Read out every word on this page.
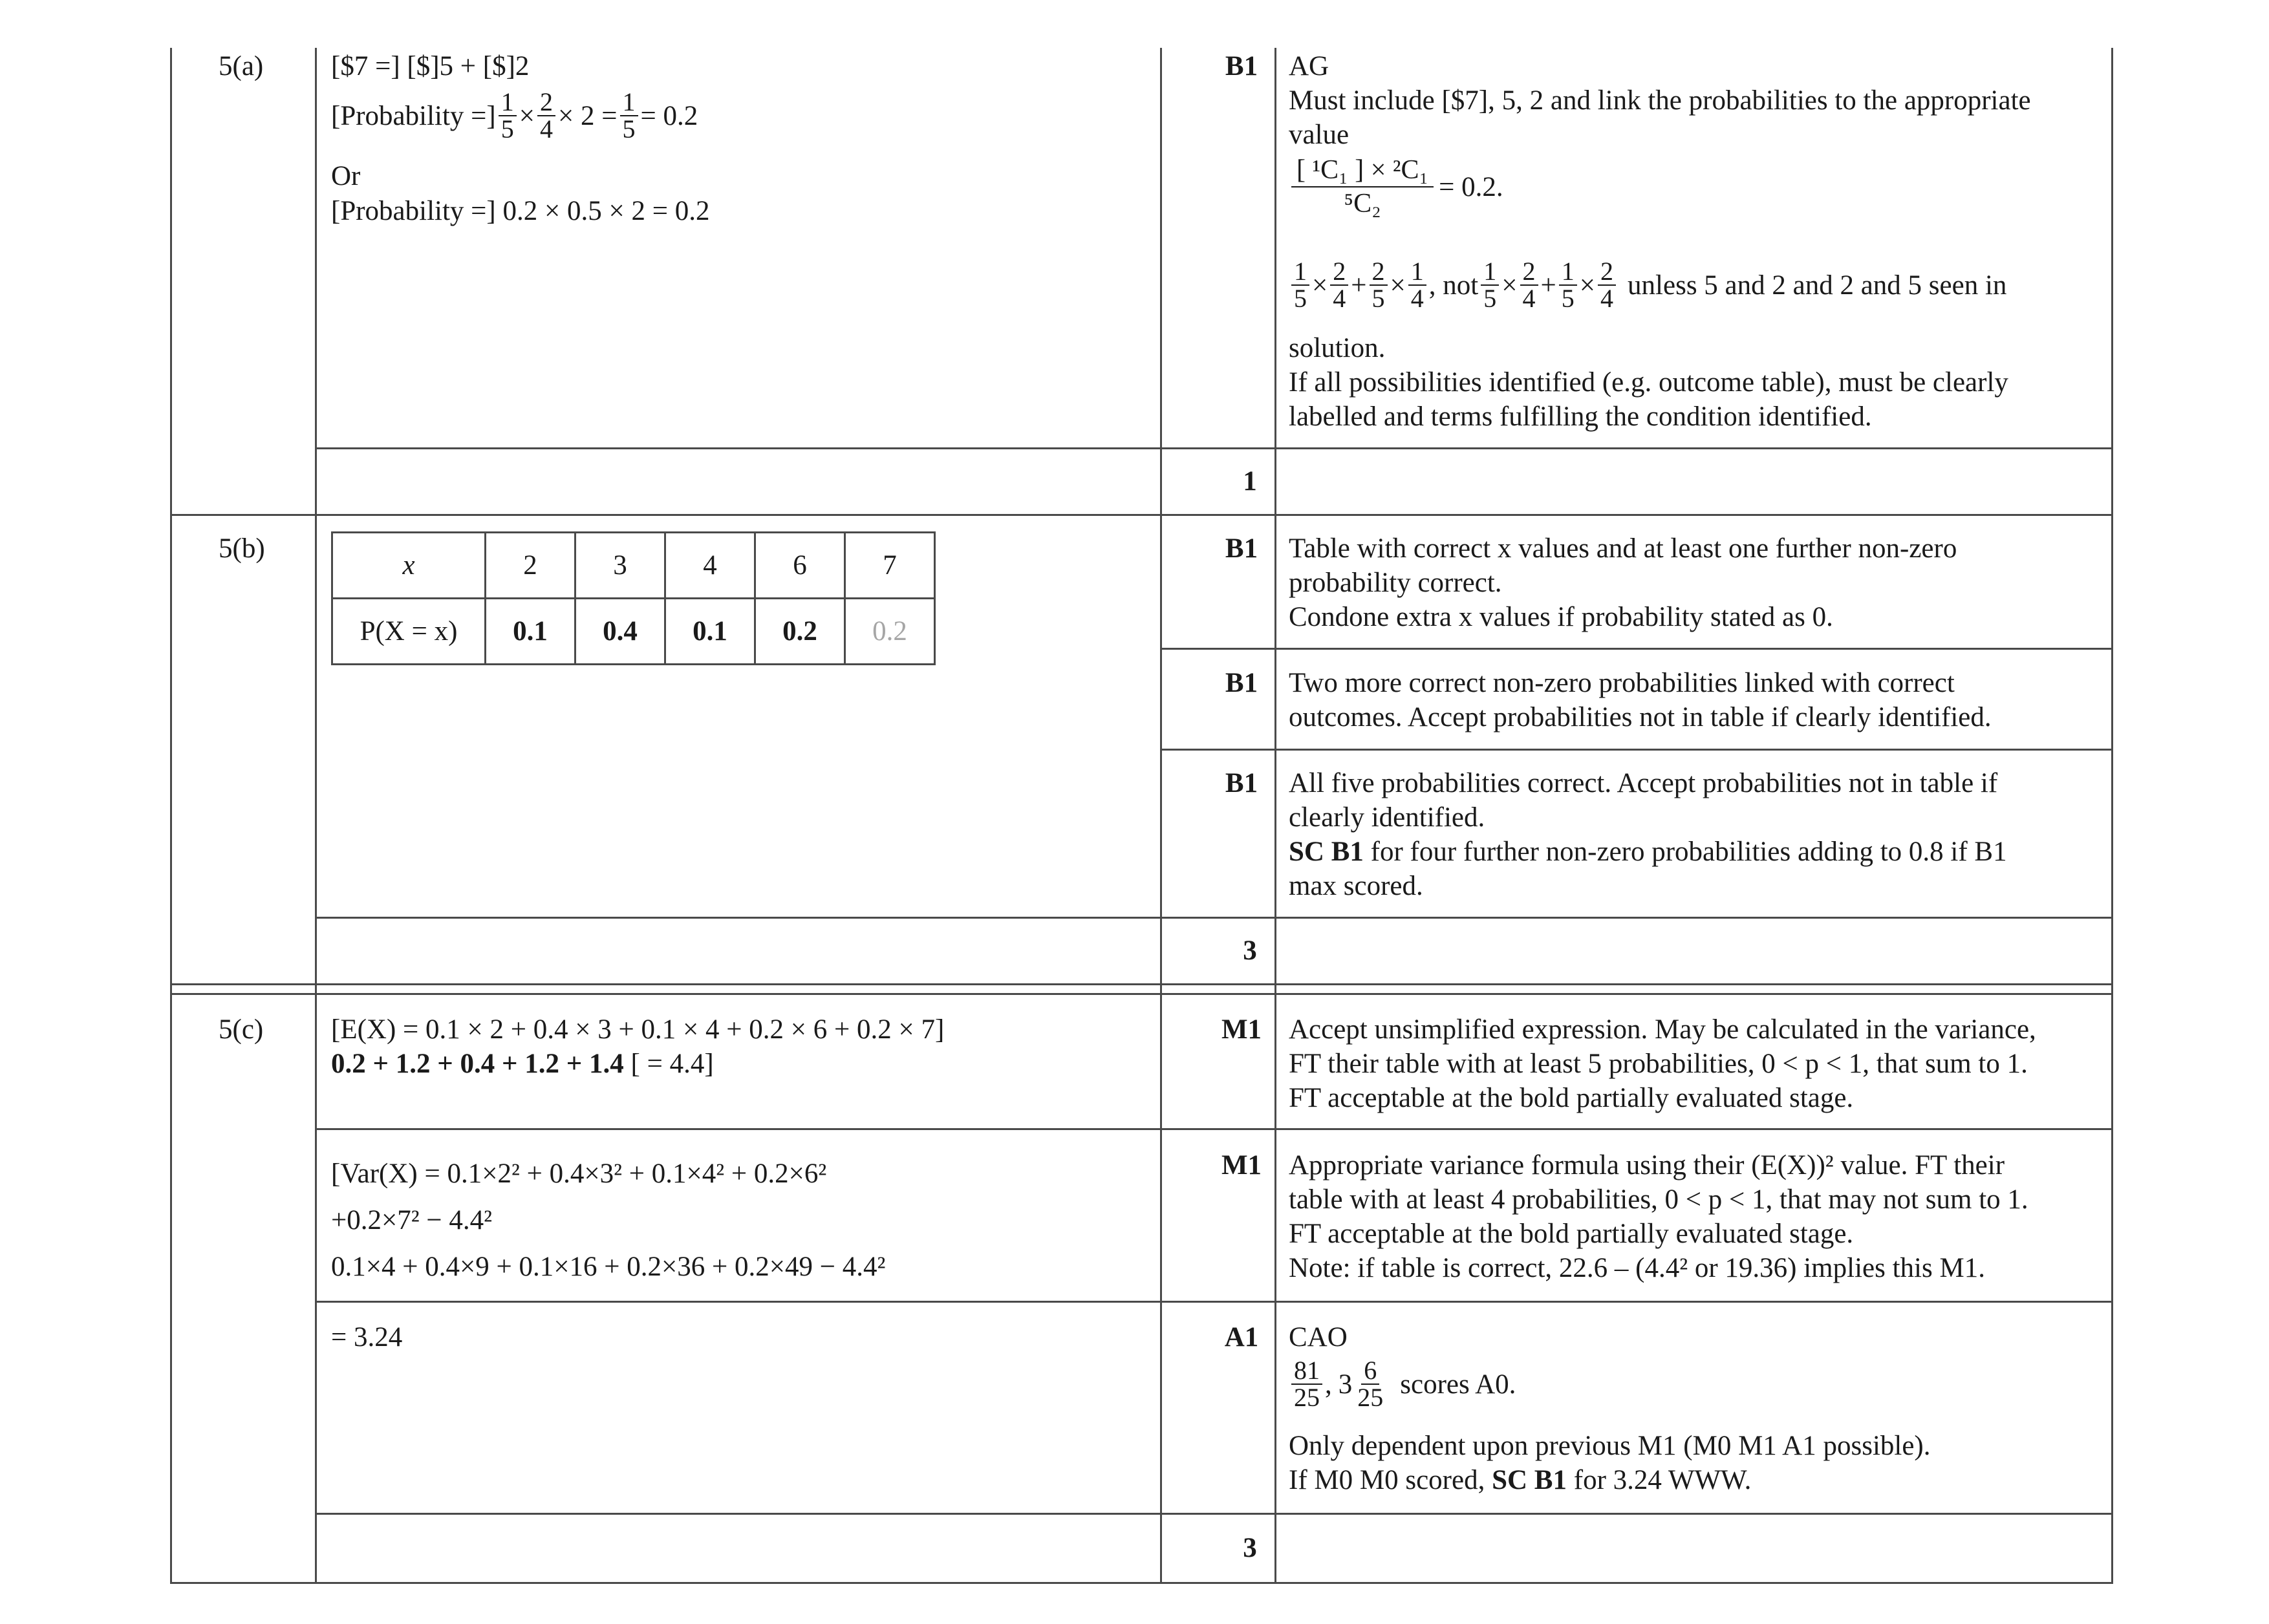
5(a) [$7 =] [$]5 + [$]2
[Probability =] $\frac{1}{5} \times \frac{2}{4} \times 2 = \frac{1}{5} = 0.2$
Or
[Probability =] 0.2 × 0.5 × 2 = 0.2
B1	AG

Must include [$7], 5, 2 and link the probabilities to the appropriate

value

$\frac{\text{[ ¹C₁ ] × ²C₁}}{\text{⁵C₂}} = 0.2$.
$\frac{1}{5} \times \frac{2}{4} + \frac{2}{5} \times \frac{1}{4}$ , not $\frac{1}{5} \times \frac{2}{4} + \frac{1}{5} \times \frac{2}{4}$ unless 5 and 2 and 2 and 5 seen in

solution.

If all possibilities identified (e.g. outcome table), must be clearly

labelled and terms fulfilling the condition identified.

1
5(b)
x	2	3	4	6	7
P(X = x)	0.1	0.4	0.1	0.2	0.2
B1	Table with correct x values and at least one further non-zero

probability correct.

Condone extra x values if probability stated as 0.

B1	Two more correct non-zero probabilities linked with correct

outcomes. Accept probabilities not in table if clearly identified.

B1	All five probabilities correct. Accept probabilities not in table if

clearly identified.

SC B1 for four further non-zero probabilities adding to 0.8 if B1

max scored.

3
5(c) [E(X) = 0.1 × 2 + 0.4 × 3 + 0.1 × 4 + 0.2 × 6 + 0.2 × 7]
0.2 + 1.2 + 0.4 + 1.2 + 1.4 [ = 4.4]
M1 Accept unsimplified expression. May be calculated in the variance,

FT their table with at least 5 probabilities, 0 < p < 1, that sum to 1.

FT acceptable at the bold partially evaluated stage.

[Var(X) = 0.1×2² + 0.4×3² + 0.1×4² + 0.2×6²
+0.2×7² − 4.4²
0.1×4 + 0.4×9 + 0.1×16 + 0.2×36 + 0.2×49 − 4.4²
M1 Appropriate variance formula using their (E(X))² value. FT their

table with at least 4 probabilities, 0 < p < 1, that may not sum to 1.

FT acceptable at the bold partially evaluated stage.

Note: if table is correct, 22.6 – (4.4² or 19.36) implies this M1.

= 3.24	A1	CAO

$\frac{81}{25}$ , $3 \frac{6}{25}$ scores A0.

Only dependent upon previous M1 (M0 M1 A1 possible).

If M0 M0 scored, SC B1 for 3.24 WWW.

3
